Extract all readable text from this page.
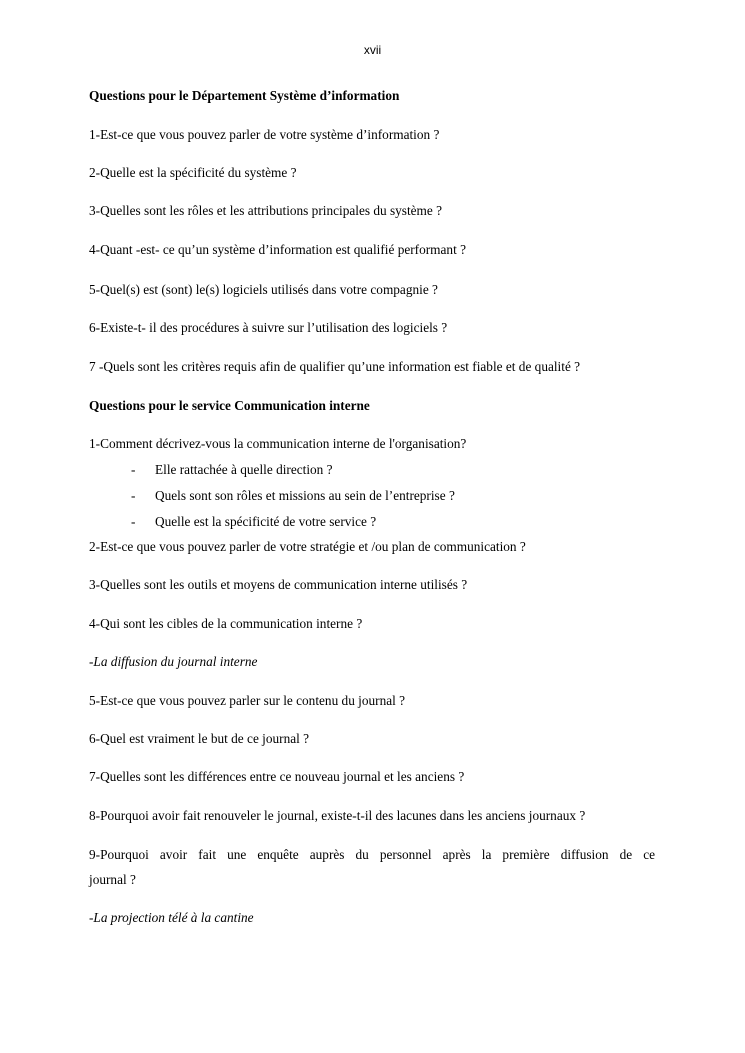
xvii
Questions pour le Département Système d’information
1-Est-ce que vous pouvez parler de votre système d’information ?
2-Quelle est la spécificité du système ?
3-Quelles sont les rôles et les attributions principales du système ?
4-Quant -est- ce qu’un système d’information est qualifié performant ?
5-Quel(s) est (sont) le(s) logiciels utilisés dans votre compagnie ?
6-Existe-t- il des procédures à suivre sur l’utilisation des logiciels ?
7 -Quels sont les critères requis afin de qualifier qu’une information est fiable et de qualité ?
Questions pour le service Communication interne
1-Comment décrivez-vous la communication interne de l'organisation?
- Elle rattachée à quelle direction ?
- Quels sont son rôles et missions au sein de l’entreprise ?
- Quelle est la spécificité de votre service ?
2-Est-ce que vous pouvez parler de votre stratégie et /ou plan de communication ?
3-Quelles sont les outils et moyens de communication interne utilisés ?
4-Qui sont les cibles de la communication interne ?
-La diffusion du journal interne
5-Est-ce que vous pouvez parler sur le contenu du journal ?
6-Quel est vraiment le but de ce journal ?
7-Quelles sont les différences entre ce nouveau journal et les anciens ?
8-Pourquoi avoir fait renouveler le journal, existe-t-il des lacunes dans les anciens journaux ?
9-Pourquoi avoir fait une enquête auprès du personnel après la première diffusion de ce
journal ?
-La projection télé à la cantine
